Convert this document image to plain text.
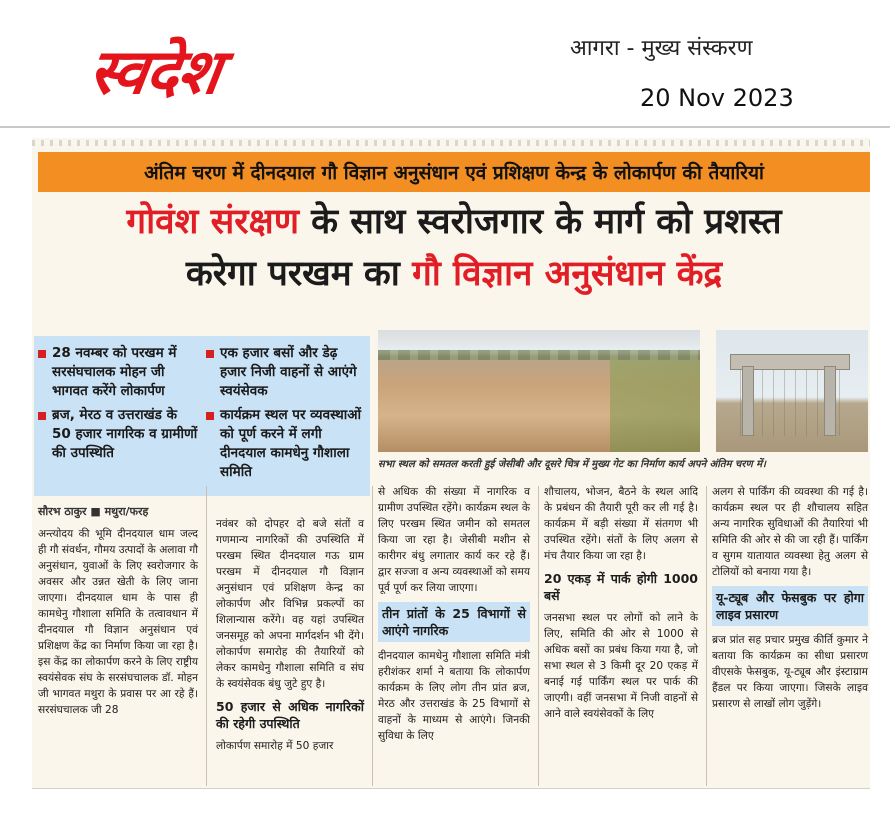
स्वदेश	आगरा - मुख्य संस्करण
20 Nov 2023
अंतिम चरण में दीनदयाल गौ विज्ञान अनुसंधान एवं प्रशिक्षण केन्द्र के लोकार्पण की तैयारियां
गोवंश संरक्षण के साथ स्वरोजगार के मार्ग को प्रशस्त
करेगा परखम का गौ विज्ञान अनुसंधान केंद्र
28 नवम्बर को परखम में सरसंघचालक मोहन जी भागवत करेंगे लोकार्पण
ब्रज, मेरठ व उत्तराखंड के 50 हजार नागरिक व ग्रामीणों की उपस्थिति
एक हजार बसों और डेढ़ हजार निजी वाहनों से आएंगे स्वयंसेवक
कार्यक्रम स्थल पर व्यवस्थाओं को पूर्ण करने में लगी दीनदयाल कामधेनु गौशाला समिति	सभा स्थल को समतल करती हुई जेसीबी और दूसरे चित्र में मुख्य गेट का निर्माण कार्य अपने अंतिम चरण में।
सौरभ ठाकुर ■ मथुरा/फरह

अन्त्योदय की भूमि दीनदयाल धाम जल्द ही गौ संवर्धन, गौमय उत्पादों के अलावा गौ अनुसंधान, युवाओं के लिए स्वरोजगार के अवसर और उन्नत खेती के लिए जाना जाएगा। दीनदयाल धाम के पास ही कामधेनु गौशाला समिति के तत्वावधान में दीनदयाल गौ विज्ञान अनुसंधान एवं प्रशिक्षण केंद्र का निर्माण किया जा रहा है। इस केंद्र का लोकार्पण करने के लिए राष्ट्रीय स्वयंसेवक संघ के सरसंघचालक डॉ. मोहन जी भागवत मथुरा के प्रवास पर आ रहे हैं। सरसंघचालक जी 28

नवंबर को दोपहर दो बजे संतों व गणमान्य नागरिकों की उपस्थिति में परखम स्थित दीनदयाल गऊ ग्राम परखम में दीनदयाल गौ विज्ञान अनुसंधान एवं प्रशिक्षण केन्द्र का लोकार्पण और विभिन्न प्रकल्पों का शिलान्यास करेंगे। वह यहां उपस्थित जनसमूह को अपना मार्गदर्शन भी देंगे। लोकार्पण समारोह की तैयारियों को लेकर कामधेनु गौशाला समिति व संघ के स्वयंसेवक बंधु जुटे हुए है।

50 हजार से अधिक नागरिकों की रहेगी उपस्थिति

लोकार्पण समारोह में 50 हजार

से अधिक की संख्या में नागरिक व ग्रामीण उपस्थित रहेंगे। कार्यक्रम स्थल के लिए परखम स्थित जमीन को समतल किया जा रहा है। जेसीबी मशीन से कारीगर बंधु लगातार कार्य कर रहे हैं। द्वार सज्जा व अन्य व्यवस्थाओं को समय पूर्व पूर्ण कर लिया जाएगा।

तीन प्रांतों के 25 विभागों से आएंगे नागरिक

दीनदयाल कामधेनु गौशाला समिति मंत्री हरीशंकर शर्मा ने बताया कि लोकार्पण कार्यक्रम के लिए लोग तीन प्रांत ब्रज, मेरठ और उत्तराखंड के 25 विभागों से वाहनों के माध्यम से आएंगे। जिनकी सुविधा के लिए

शौचालय, भोजन, बैठने के स्थल आदि के प्रबंधन की तैयारी पूरी कर ली गई है। कार्यक्रम में बड़ी संख्या में संतगण भी उपस्थित रहेंगे। संतों के लिए अलग से मंच तैयार किया जा रहा है।

20 एकड़ में पार्क होगी 1000 बसें

जनसभा स्थल पर लोगों को लाने के लिए, समिति की ओर से 1000 से अधिक बसों का प्रबंध किया गया है, जो सभा स्थल से 3 किमी दूर 20 एकड़ में बनाई गई पार्किंग स्थल पर पार्क की जाएगी। वहीं जनसभा में निजी वाहनों से आने वाले स्वयंसेवकों के लिए

अलग से पार्किंग की व्यवस्था की गई है। कार्यक्रम स्थल पर ही शौचालय सहित अन्य नागरिक सुविधाओं की तैयारियां भी समिति की ओर से की जा रही हैं। पार्किंग व सुगम यातायात व्यवस्था हेतु अलग से टोलियों को बनाया गया है।

यू-ट्यूब और फेसबुक पर होगा लाइव प्रसारण

ब्रज प्रांत सह प्रचार प्रमुख कीर्ति कुमार ने बताया कि कार्यक्रम का सीधा प्रसारण वीएसके फेसबुक, यू-ट्यूब और इंस्टाग्राम हैंडल पर किया जाएगा। जिसके लाइव प्रसारण से लाखों लोग जुड़ेंगे।
